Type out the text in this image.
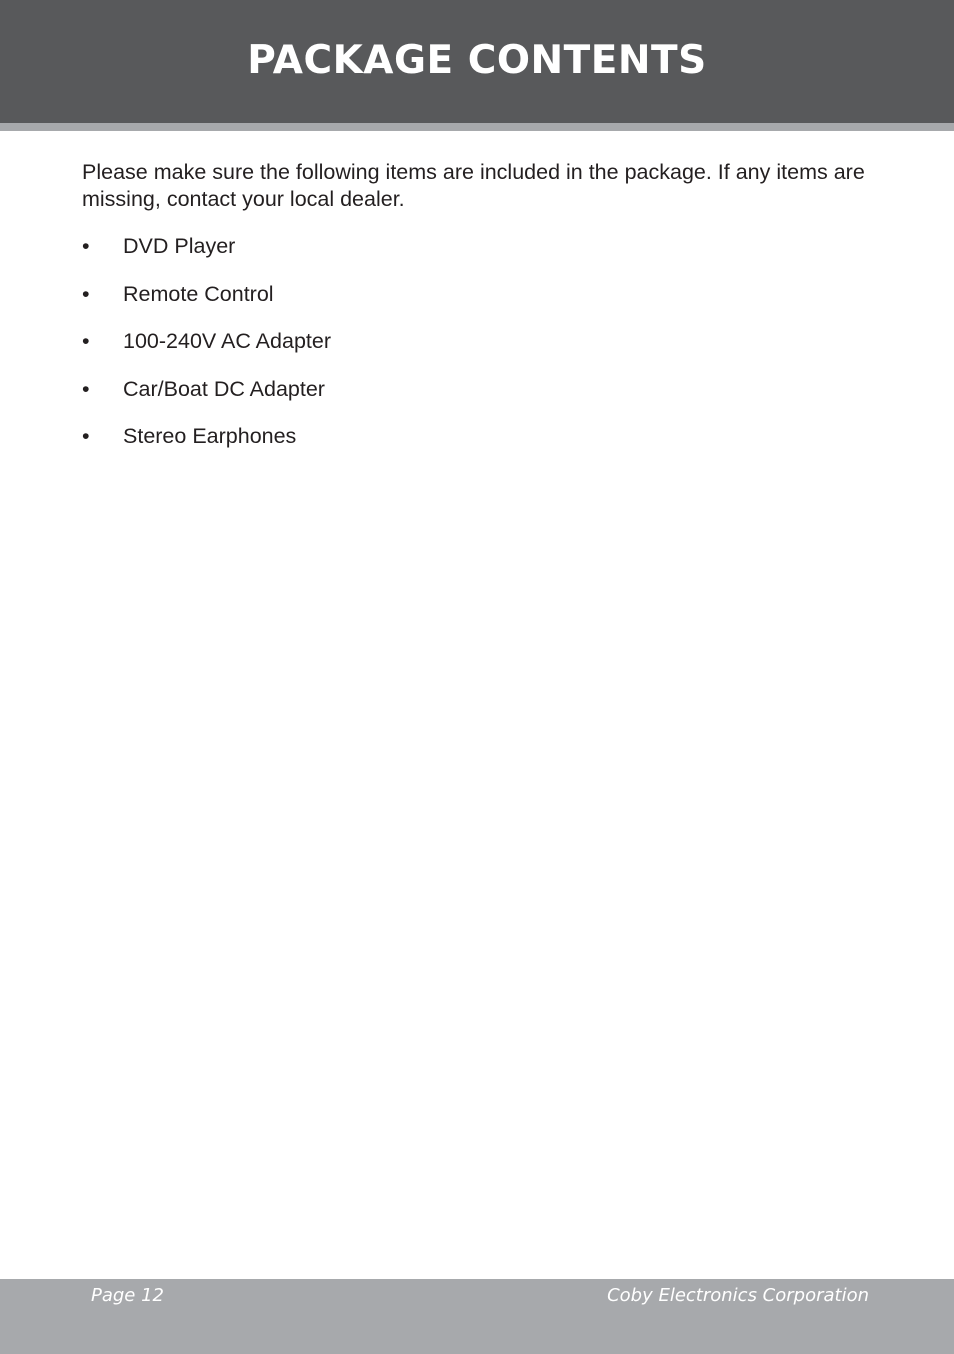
PACKAGE CONTENTS

Please make sure the following items are included in the package. If any items are missing, contact your local dealer.

• DVD Player
• Remote Control
• 100-240V AC Adapter
• Car/Boat DC Adapter
• Stereo Earphones
Page 12	Coby Electronics Corporation
